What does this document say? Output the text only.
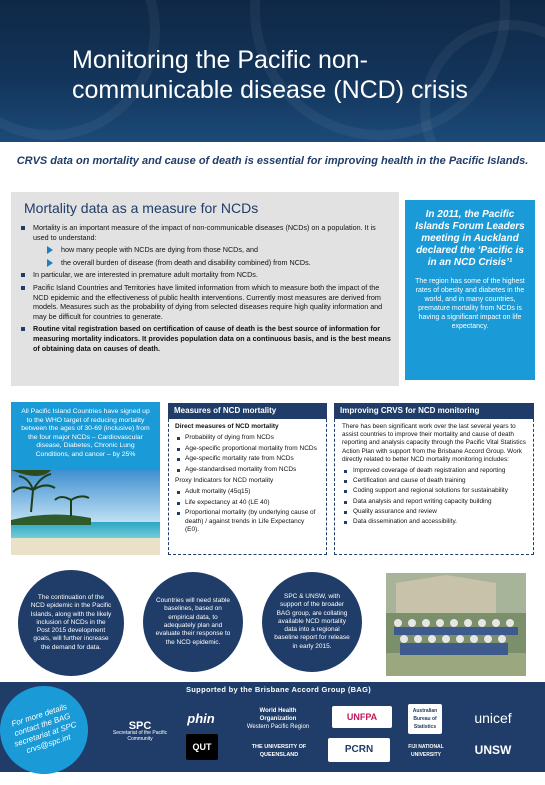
Monitoring the Pacific non-communicable disease (NCD) crisis
CRVS data on mortality and cause of death is essential for improving health in the Pacific Islands.
Mortality data as a measure for NCDs
Mortality is an important measure of the impact of non-communicable diseases (NCDs) on a population. It is used to understand:
how many people with NCDs are dying from those NCDs, and
the overall burden of disease (from death and disability combined) from NCDs.
In particular, we are interested in premature adult mortality from NCDs.
Pacific Island Countries and Territories have limited information from which to measure both the impact of the NCD epidemic and the effectiveness of public health interventions. Currently most measures are derived from models. Measures such as the probability of dying from selected diseases require high quality information and may be difficult for countries to generate.
Routine vital registration based on certification of cause of death is the best source of information for measuring mortality indicators. It provides population data on a continuous basis, and is the best means of obtaining data on causes of death.
In 2011, the Pacific Islands Forum Leaders meeting in Auckland declared the ‘Pacific is in an NCD Crisis’¹
The region has some of the highest rates of obesity and diabetes in the world, and in many countries, premature mortality from NCDs is having a significant impact on life expectancy.
All Pacific Island Countries have signed up to the WHO target of reducing mortality between the ages of 30-69 (inclusive) from the four major NCDs – Cardiovascular disease, Diabetes, Chronic Lung Conditions, and cancer – by 25%
Measures of NCD mortality
Direct measures of NCD mortality
Probability of dying from NCDs
Age-specific proportional mortality from NCDs
Age-specific mortality rate from NCDs
Age-standardised mortality from NCDs
Proxy Indicators for NCD mortality
Adult mortality (45q15)
Life expectancy at 40 (LE 40)
Proportional mortality (by underlying cause of death) / against trends in Life Expectancy (E0).
Improving CRVS for NCD monitoring
There has been significant work over the last several years to assist countries to improve their mortality and cause of death reporting and analysis capacity through the Pacific Vital Statistics Action Plan with support from the Brisbane Accord Group. Work directly related to better NCD mortality monitoring includes:
Improved coverage of death registration and reporting
Certification and cause of death training
Coding support and regional solutions for sustainability
Data analysis and report writing capacity building
Quality assurance and review
Data dissemination and accessibility.
The continuation of the NCD epidemic in the Pacific Islands, along with the likely inclusion of NCDs in the Post 2015 development goals, will further increase the demand for data.
Countries will need stable baselines, based on empirical data, to adequately plan and evaluate their response to the NCD epidemic.
SPC & UNSW, with support of the broader BAG group, are collating available NCD mortality data into a regional baseline report for release in early 2015.
Supported by the Brisbane Accord Group (BAG)
For more details contact the BAG secretariat at SPC crvs@spc.int
SPC
Secretariat of the Pacific Community
phin
QUT
World Health Organization
Western Pacific Region
THE UNIVERSITY OF QUEENSLAND
UNFPA
PCRN
Australian Bureau of Statistics
FIJI NATIONAL UNIVERSITY
unicef
UNSW
